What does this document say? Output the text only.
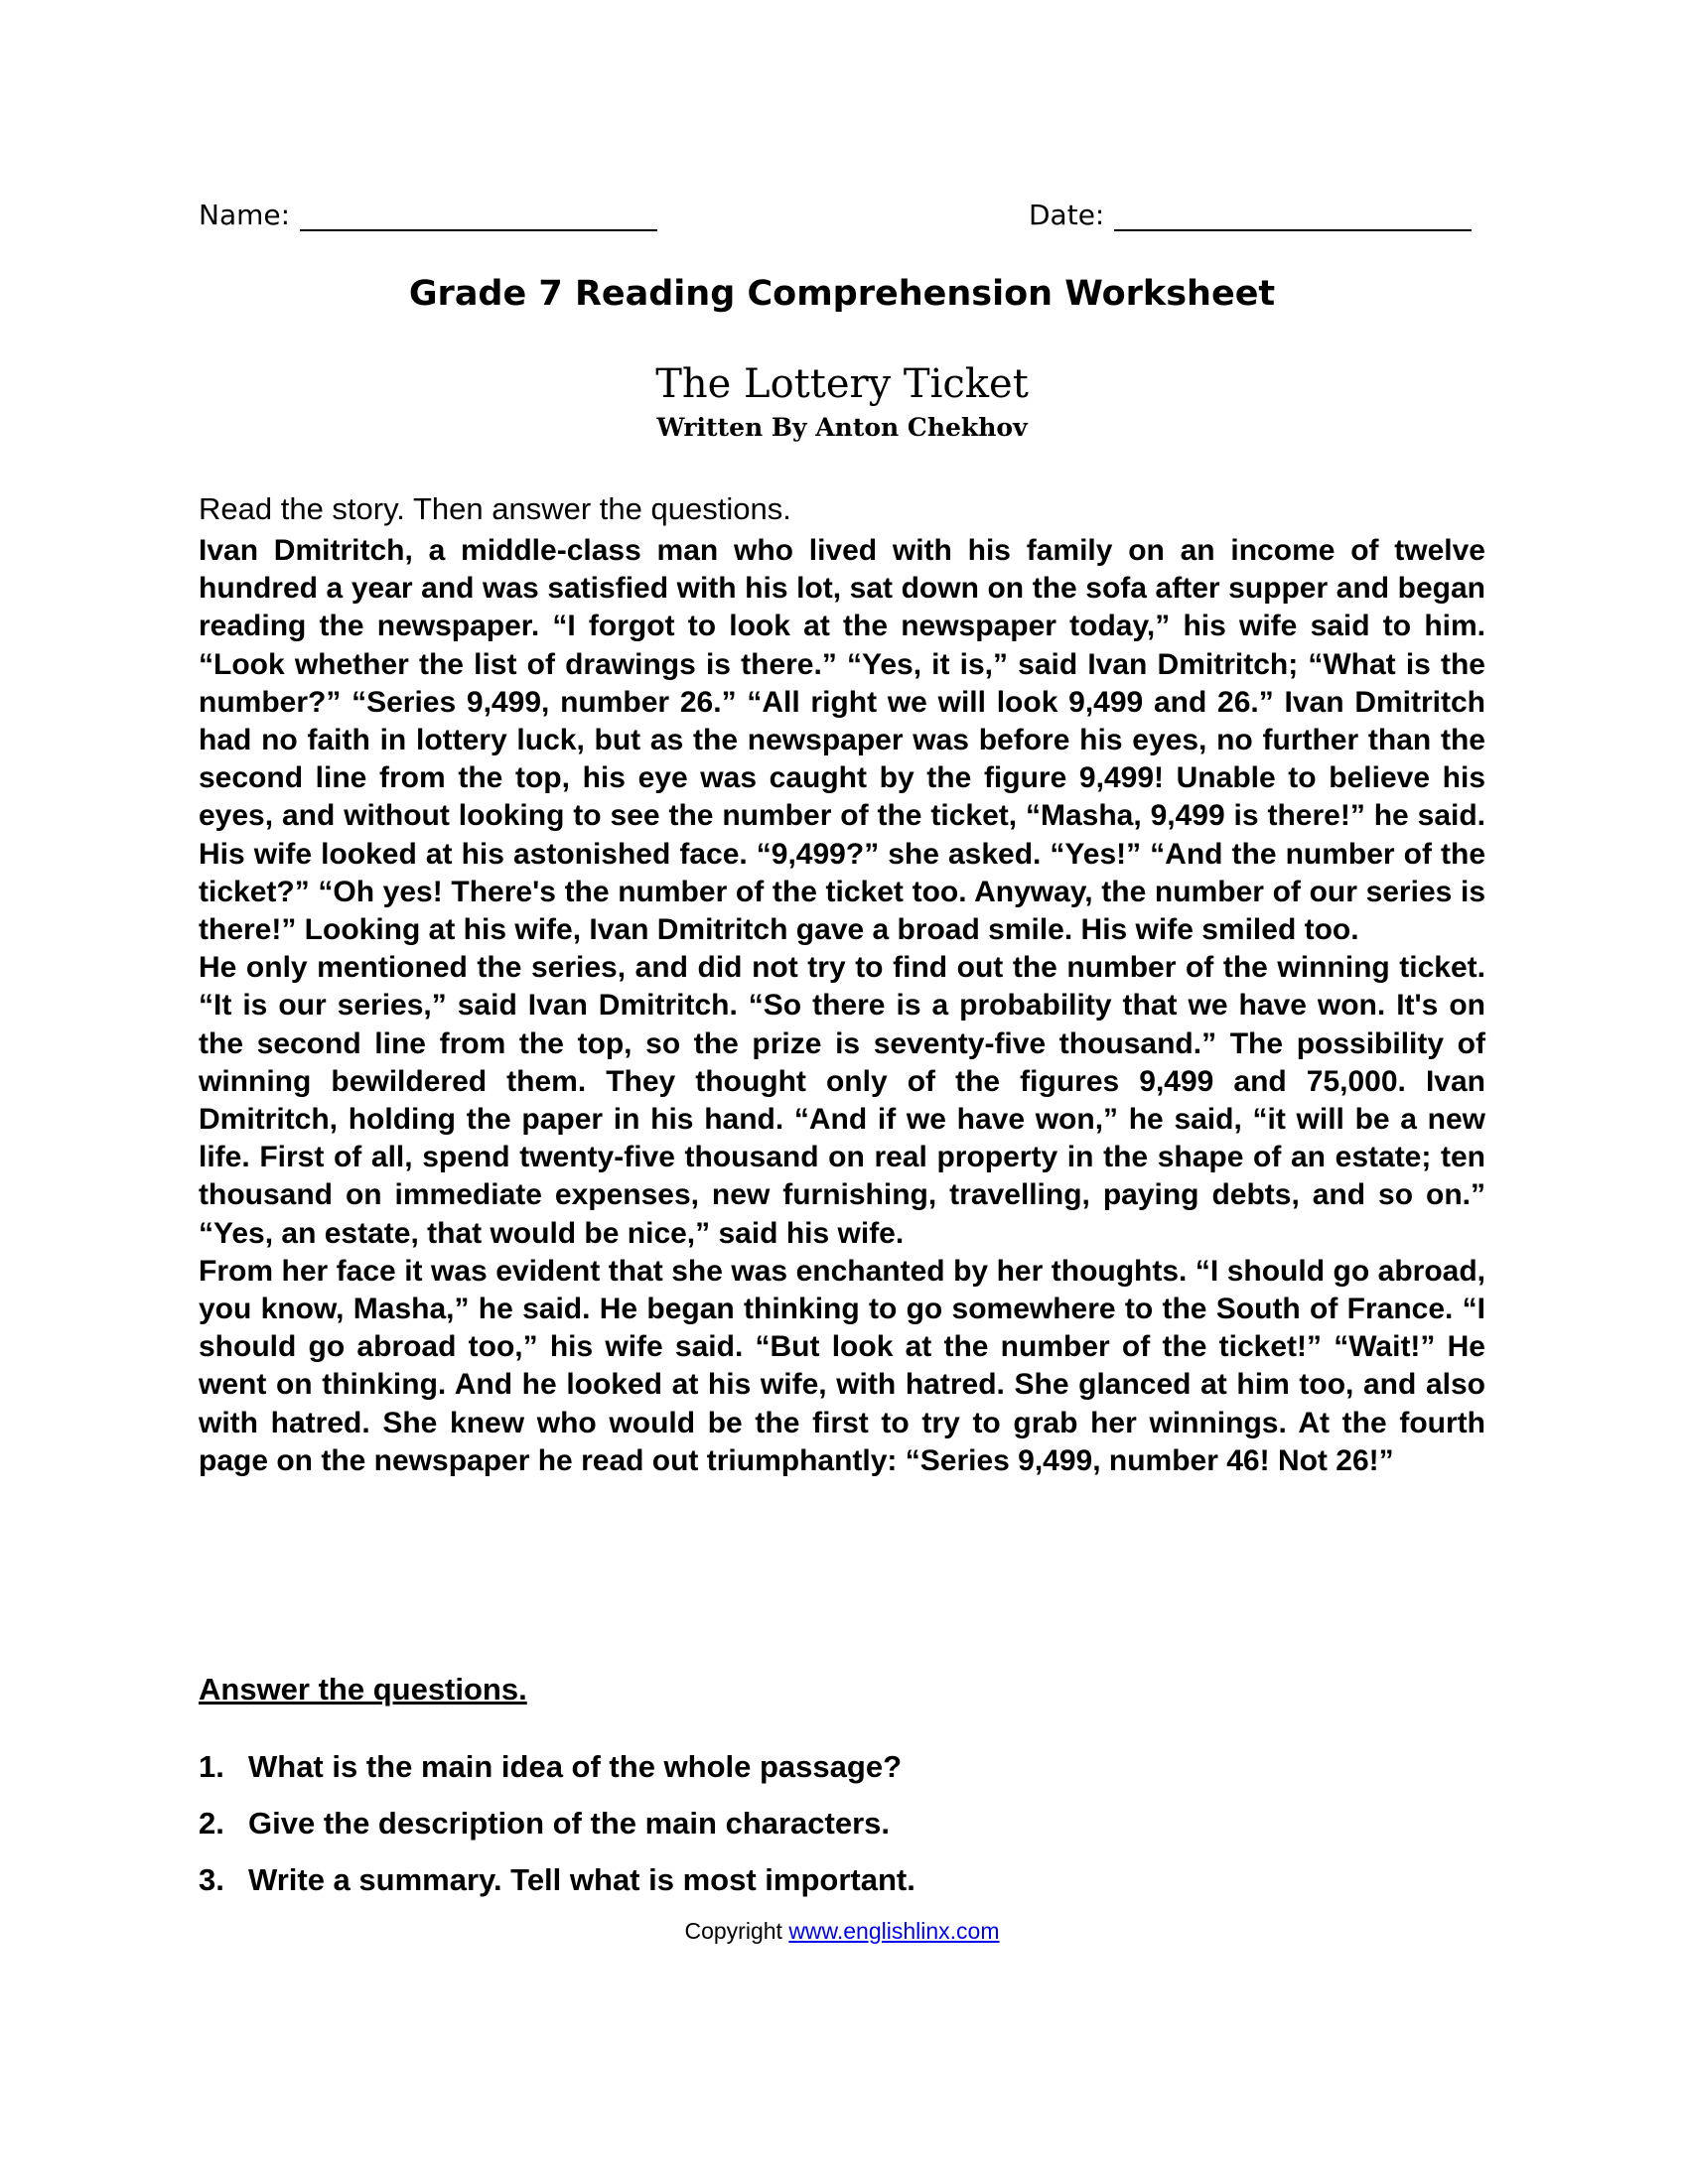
Name:	Date:
Grade 7 Reading Comprehension Worksheet
The Lottery Ticket
Written By Anton Chekhov
Read the story. Then answer the questions.

Ivan Dmitritch, a middle-class man who lived with his family on an income of twelve hundred a year and was satisfied with his lot, sat down on the sofa after supper and began reading the newspaper. “I forgot to look at the newspaper today,” his wife said to him. “Look whether the list of drawings is there.” “Yes, it is,” said Ivan Dmitritch; “What is the number?” “Series 9,499, number 26.” “All right we will look 9,499 and 26.” Ivan Dmitritch had no faith in lottery luck, but as the newspaper was before his eyes, no further than the second line from the top, his eye was caught by the figure 9,499! Unable to believe his eyes, and without looking to see the number of the ticket, “Masha, 9,499 is there!” he said. His wife looked at his astonished face. “9,499?” she asked. “Yes!” “And the number of the ticket?” “Oh yes! There's the number of the ticket too. Anyway, the number of our series is there!” Looking at his wife, Ivan Dmitritch gave a broad smile. His wife smiled too.

He only mentioned the series, and did not try to find out the number of the winning ticket. “It is our series,” said Ivan Dmitritch. “So there is a probability that we have won. It's on the second line from the top, so the prize is seventy-five thousand.” The possibility of winning bewildered them. They thought only of the figures 9,499 and 75,000. Ivan Dmitritch, holding the paper in his hand. “And if we have won,” he said, “it will be a new life. First of all, spend twenty-five thousand on real property in the shape of an estate; ten thousand on immediate expenses, new furnishing, travelling, paying debts, and so on.” “Yes, an estate, that would be nice,” said his wife.

From her face it was evident that she was enchanted by her thoughts. “I should go abroad, you know, Masha,” he said. He began thinking to go somewhere to the South of France. “I should go abroad too,” his wife said. “But look at the number of the ticket!” “Wait!” He went on thinking. And he looked at his wife, with hatred. She glanced at him too, and also with hatred. She knew who would be the first to try to grab her winnings. At the fourth page on the newspaper he read out triumphantly: “Series 9,499, number 46! Not 26!”

Answer the questions.
1. What is the main idea of the whole passage?
2. Give the description of the main characters.
3. Write a summary. Tell what is most important.
Copyright www.englishlinx.com
